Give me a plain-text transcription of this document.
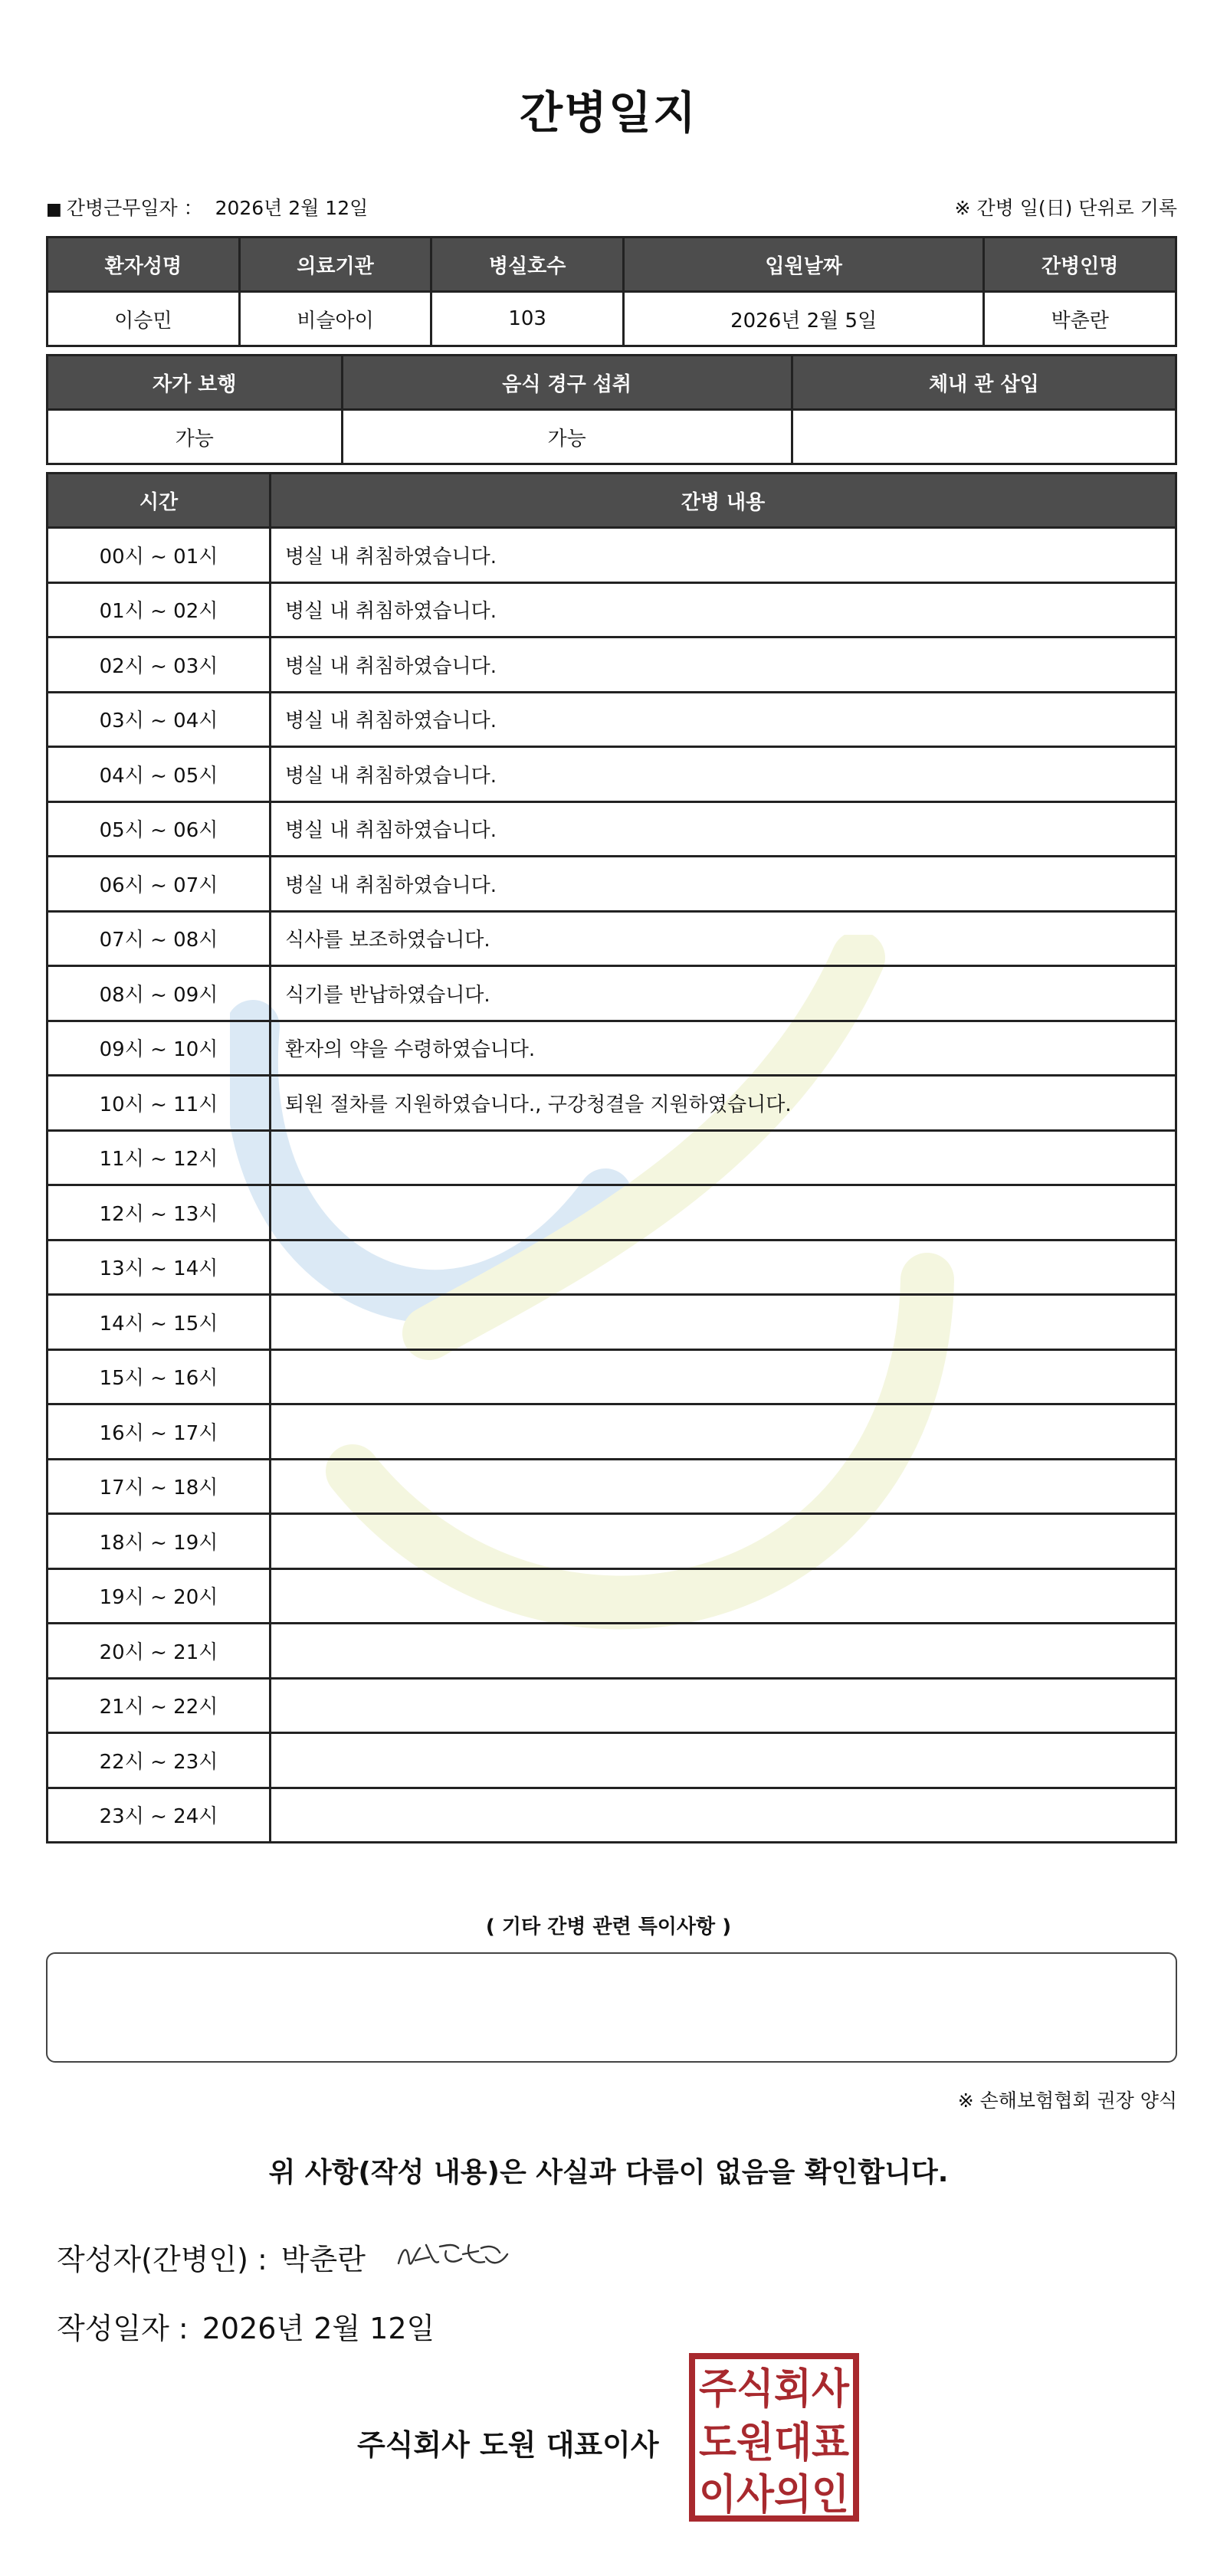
간병일지
■ 간병근무일자 ： 2026년 2월 12일	※ 간병 일(日) 단위로 기록
환자성명	의료기관	병실호수	입원날짜	간병인명
이승민	비슬아이	103	2026년 2월 5일	박춘란
자가 보행	음식 경구 섭취	체내 관 삽입
가능	가능	
시간	간병 내용
00시 ~ 01시	병실 내 취침하였습니다.
01시 ~ 02시	병실 내 취침하였습니다.
02시 ~ 03시	병실 내 취침하였습니다.
03시 ~ 04시	병실 내 취침하였습니다.
04시 ~ 05시	병실 내 취침하였습니다.
05시 ~ 06시	병실 내 취침하였습니다.
06시 ~ 07시	병실 내 취침하였습니다.
07시 ~ 08시	식사를 보조하였습니다.
08시 ~ 09시	식기를 반납하였습니다.
09시 ~ 10시	환자의 약을 수령하였습니다.
10시 ~ 11시	퇴원 절차를 지원하였습니다., 구강청결을 지원하였습니다.
11시 ~ 12시	
12시 ~ 13시	
13시 ~ 14시	
14시 ~ 15시	
15시 ~ 16시	
16시 ~ 17시	
17시 ~ 18시	
18시 ~ 19시	
19시 ~ 20시	
20시 ~ 21시	
21시 ~ 22시	
22시 ~ 23시	
23시 ~ 24시	
( 기타 간병 관련 특이사항 )
※ 손해보험협회 권장 양식
위 사항(작성 내용)은 사실과 다름이 없음을 확인합니다.
작성자(간병인) : 박춘란
작성일자 : 2026년 2월 12일
주식회사 도원 대표이사
주식회사
도원대표
이사의인
